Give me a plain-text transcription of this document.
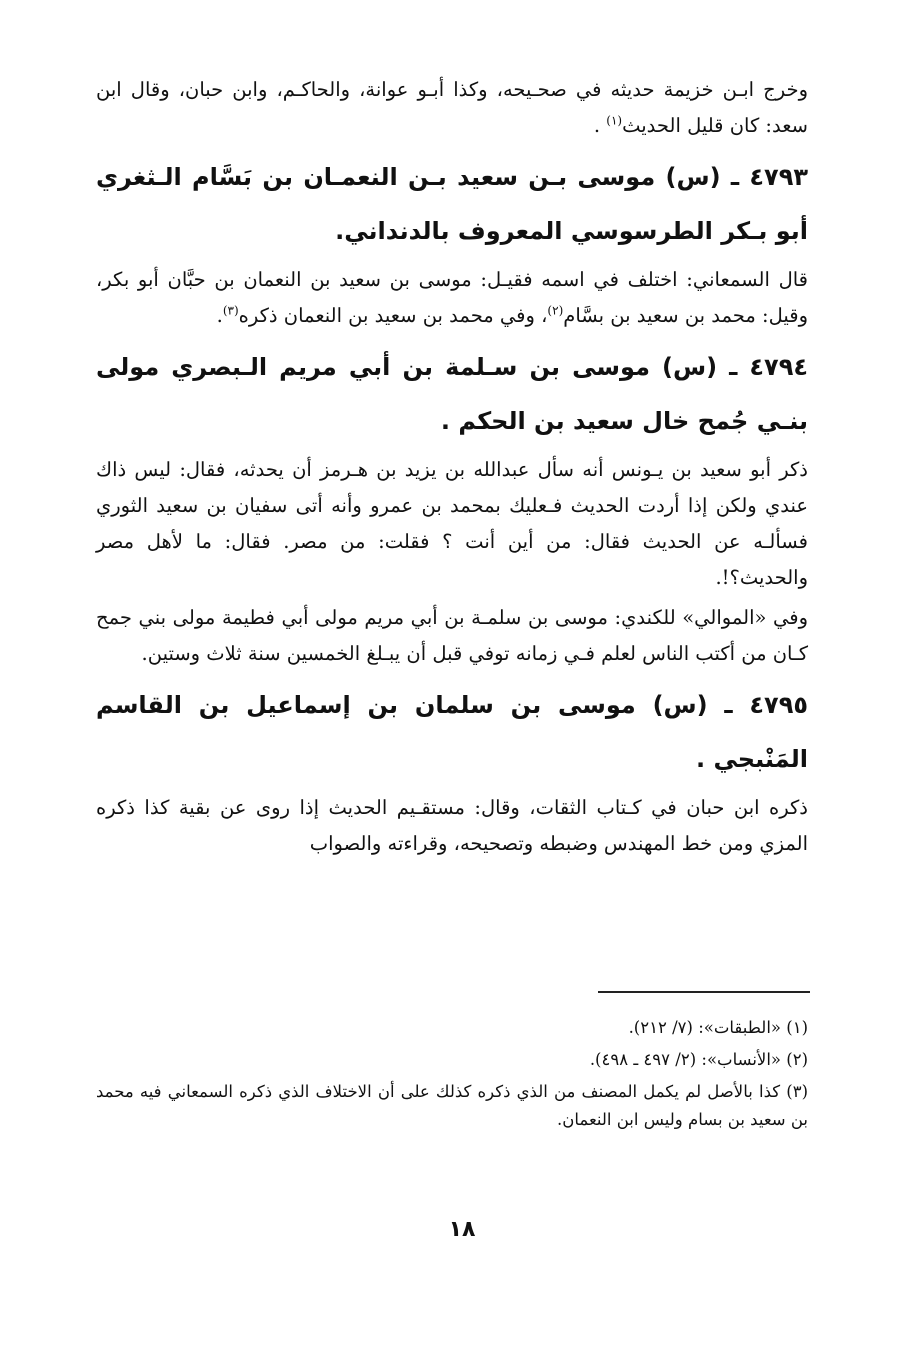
وخرج ابـن خزيمة حديثه في صحـيحه، وكذا أبـو عوانة، والحاكـم، وابن حبان، وقال ابن سعد: كان قليل الحديث$^{(١)}$ .

٤٧٩٣ ـ (س) موسى بـن سعيد بـن النعمـان بن بَسَّام الـثغري أبو بـكر الطرسوسي المعروف بالدنداني.

قال السمعاني: اختلف في اسمه فقيـل: موسى بن سعيد بن النعمان بن حبَّان أبو بكر، وقيل: محمد بن سعيد بن بسَّام$^{(٢)}$، وفي محمد بن سعيد بن النعمان ذكره$^{(٣)}$.

٤٧٩٤ ـ (س) موسى بن سـلمة بن أبي مريم الـبصري مولى بنـي جُمح خال سعيد بن الحكم .

ذكر أبو سعيد بن يـونس أنه سأل عبدالله بن يزيد بن هـرمز أن يحدثه، فقال: ليس ذاك عندي ولكن إذا أردت الحديث فـعليك بمحمد بن عمرو وأنه أتى سفيان بن سعيد الثوري فسألـه عن الحديث فقال: من أين أنت ؟ فقلت: من مصر. فقال: ما لأهل مصر والحديث؟!.

وفي «الموالي» للكندي: موسى بن سلمـة بن أبي مريم مولى أبي فطيمة مولى بني جمح كـان من أكتب الناس لعلم فـي زمانه توفي قبل أن يبـلغ الخمسين سنة ثلاث وستين.

٤٧٩٥ ـ (س) موسى بن سلمان بن إسماعيل بن القاسم المَنْبجي .

ذكره ابن حبان في كـتاب الثقات، وقال: مستقـيم الحديث إذا روى عن بقية كذا ذكره المزي ومن خط المهندس وضبطه وتصحيحه، وقراءته والصواب

(١) «الطبقات»: (٧/ ٢١٢).

(٢) «الأنساب»: (٢/ ٤٩٧ ـ ٤٩٨).

(٣) كذا بالأصل لم يكمل المصنف من الذي ذكره كذلك على أن الاختلاف الذي ذكره السمعاني فيه محمد بن سعيد بن بسام وليس ابن النعمان.

١٨
